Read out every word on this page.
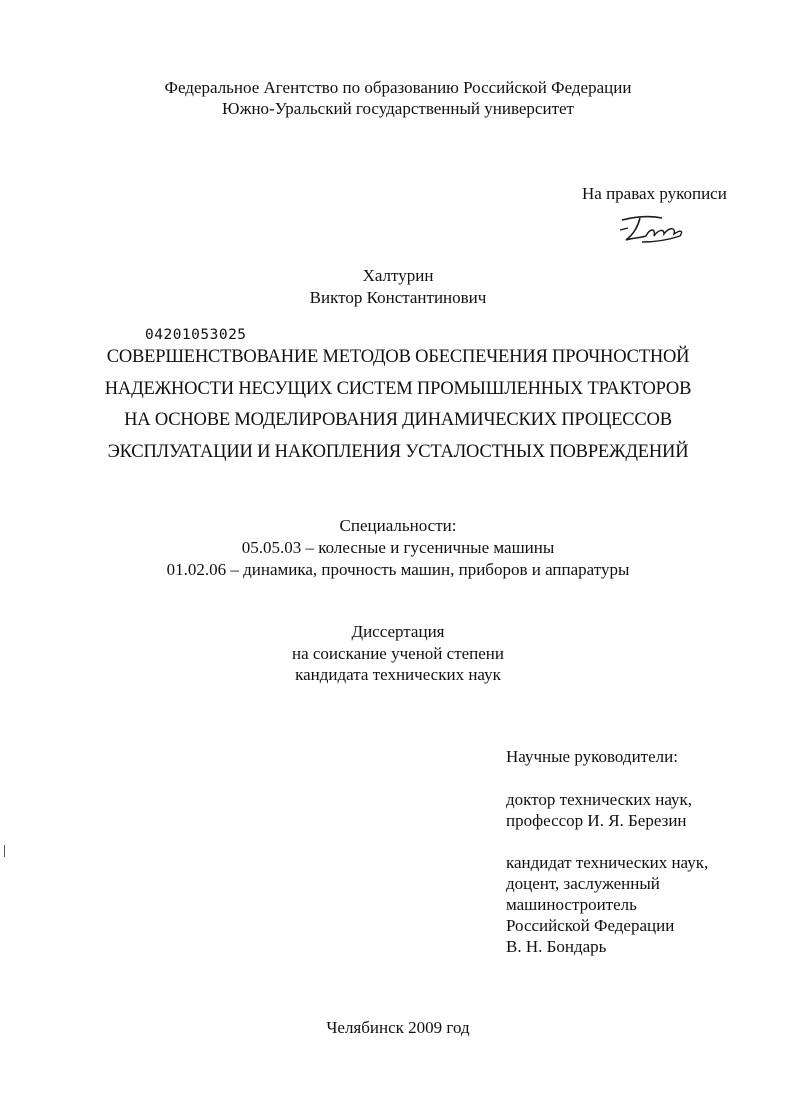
Федеральное Агентство по образованию Российской Федерации
Южно-Уральский государственный университет
На правах рукописи
Халтурин
Виктор Константинович
04201053025
СОВЕРШЕНСТВОВАНИЕ МЕТОДОВ ОБЕСПЕЧЕНИЯ ПРОЧНОСТНОЙ
НАДЕЖНОСТИ НЕСУЩИХ СИСТЕМ ПРОМЫШЛЕННЫХ ТРАКТОРОВ
НА ОСНОВЕ МОДЕЛИРОВАНИЯ ДИНАМИЧЕСКИХ ПРОЦЕССОВ
ЭКСПЛУАТАЦИИ И НАКОПЛЕНИЯ УСТАЛОСТНЫХ ПОВРЕЖДЕНИЙ
Специальности:
05.05.03 – колесные и гусеничные машины
01.02.06 – динамика, прочность машин, приборов и аппаратуры
Диссертация
на соискание ученой степени
кандидата технических наук
Научные руководители:
доктор технических наук,
профессор И. Я. Березин
кандидат технических наук,
доцент, заслуженный
машиностроитель
Российской Федерации
В. Н. Бондарь
Челябинск 2009 год
